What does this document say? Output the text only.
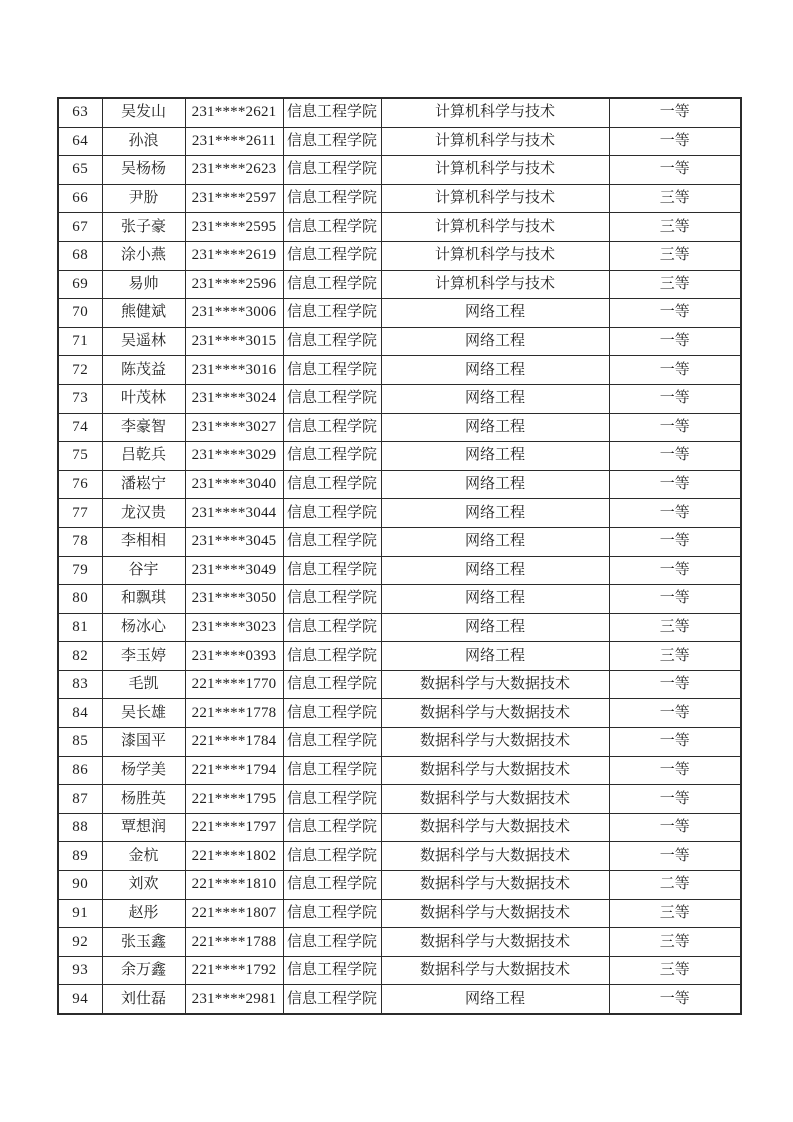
63	吴发山	231****2621	信息工程学院	计算机科学与技术	一等
64	孙浪	231****2611	信息工程学院	计算机科学与技术	一等
65	吴杨杨	231****2623	信息工程学院	计算机科学与技术	一等
66	尹朌	231****2597	信息工程学院	计算机科学与技术	三等
67	张子豪	231****2595	信息工程学院	计算机科学与技术	三等
68	涂小燕	231****2619	信息工程学院	计算机科学与技术	三等
69	易帅	231****2596	信息工程学院	计算机科学与技术	三等
70	熊健斌	231****3006	信息工程学院	网络工程	一等
71	吴遥林	231****3015	信息工程学院	网络工程	一等
72	陈茂益	231****3016	信息工程学院	网络工程	一等
73	叶茂林	231****3024	信息工程学院	网络工程	一等
74	李豪智	231****3027	信息工程学院	网络工程	一等
75	吕乾兵	231****3029	信息工程学院	网络工程	一等
76	潘崧宁	231****3040	信息工程学院	网络工程	一等
77	龙汉贵	231****3044	信息工程学院	网络工程	一等
78	李相相	231****3045	信息工程学院	网络工程	一等
79	谷宇	231****3049	信息工程学院	网络工程	一等
80	和飘琪	231****3050	信息工程学院	网络工程	一等
81	杨冰心	231****3023	信息工程学院	网络工程	三等
82	李玉婷	231****0393	信息工程学院	网络工程	三等
83	毛凯	221****1770	信息工程学院	数据科学与大数据技术	一等
84	吴长雄	221****1778	信息工程学院	数据科学与大数据技术	一等
85	漆国平	221****1784	信息工程学院	数据科学与大数据技术	一等
86	杨学美	221****1794	信息工程学院	数据科学与大数据技术	一等
87	杨胜英	221****1795	信息工程学院	数据科学与大数据技术	一等
88	覃想润	221****1797	信息工程学院	数据科学与大数据技术	一等
89	金杭	221****1802	信息工程学院	数据科学与大数据技术	一等
90	刘欢	221****1810	信息工程学院	数据科学与大数据技术	二等
91	赵彤	221****1807	信息工程学院	数据科学与大数据技术	三等
92	张玉鑫	221****1788	信息工程学院	数据科学与大数据技术	三等
93	余万鑫	221****1792	信息工程学院	数据科学与大数据技术	三等
94	刘仕磊	231****2981	信息工程学院	网络工程	一等
